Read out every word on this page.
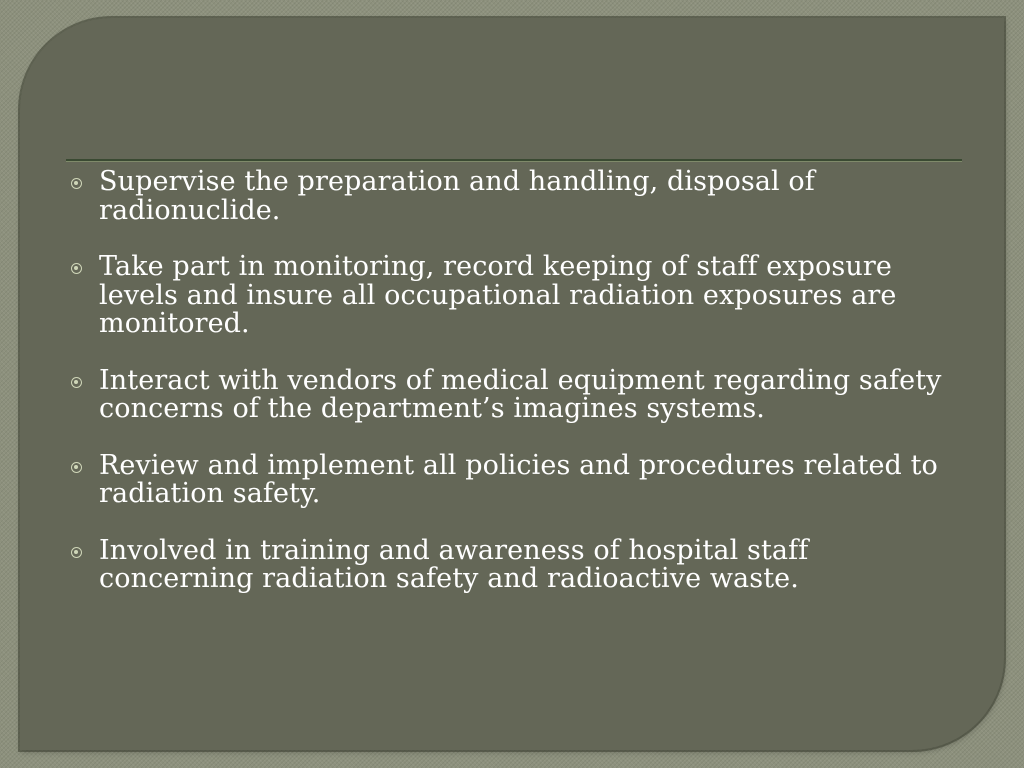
Supervise the preparation and handling, disposal of radionuclide.
Take part in monitoring, record keeping of staff exposure levels and insure all occupational radiation exposures are monitored.
Interact with vendors of medical equipment regarding safety concerns of the department’s imagines systems.
Review and implement all policies and procedures related to radiation safety.
Involved in training and awareness of hospital staff concerning radiation safety and radioactive waste.
